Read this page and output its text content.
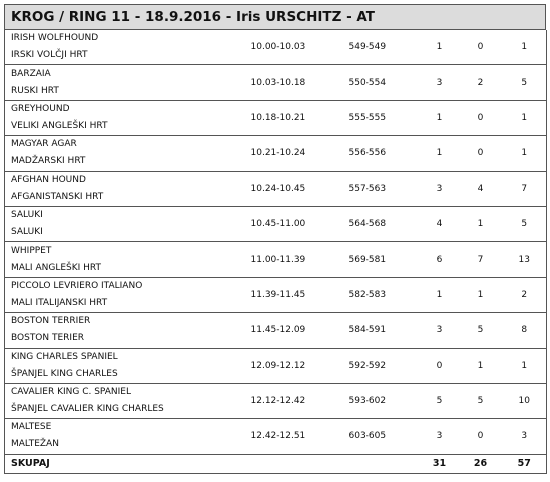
KROG / RING 11 - 18.9.2016 - Iris URSCHITZ - AT
IRISH WOLFHOUND
IRSKI VOLČJI HRT	10.00-10.03	549-549	1	0	1

BARZAIA
RUSKI HRT	10.03-10.18	550-554	3	2	5

GREYHOUND
VELIKI ANGLEŠKI HRT	10.18-10.21	555-555	1	0	1

MAGYAR AGAR
MADŽARSKI HRT	10.21-10.24	556-556	1	0	1

AFGHAN HOUND
AFGANISTANSKI HRT	10.24-10.45	557-563	3	4	7

SALUKI
SALUKI	10.45-11.00	564-568	4	1	5

WHIPPET
MALI ANGLEŠKI HRT	11.00-11.39	569-581	6	7	13

PICCOLO LEVRIERO ITALIANO
MALI ITALIJANSKI HRT	11.39-11.45	582-583	1	1	2

BOSTON TERRIER
BOSTON TERIER	11.45-12.09	584-591	3	5	8

KING CHARLES SPANIEL
ŠPANJEL KING CHARLES	12.09-12.12	592-592	0	1	1

CAVALIER KING C. SPANIEL
ŠPANJEL CAVALIER KING CHARLES	12.12-12.42	593-602	5	5	10

MALTESE
MALTEŽAN	12.42-12.51	603-605	3	0	3
SKUPAJ			31	26	57
